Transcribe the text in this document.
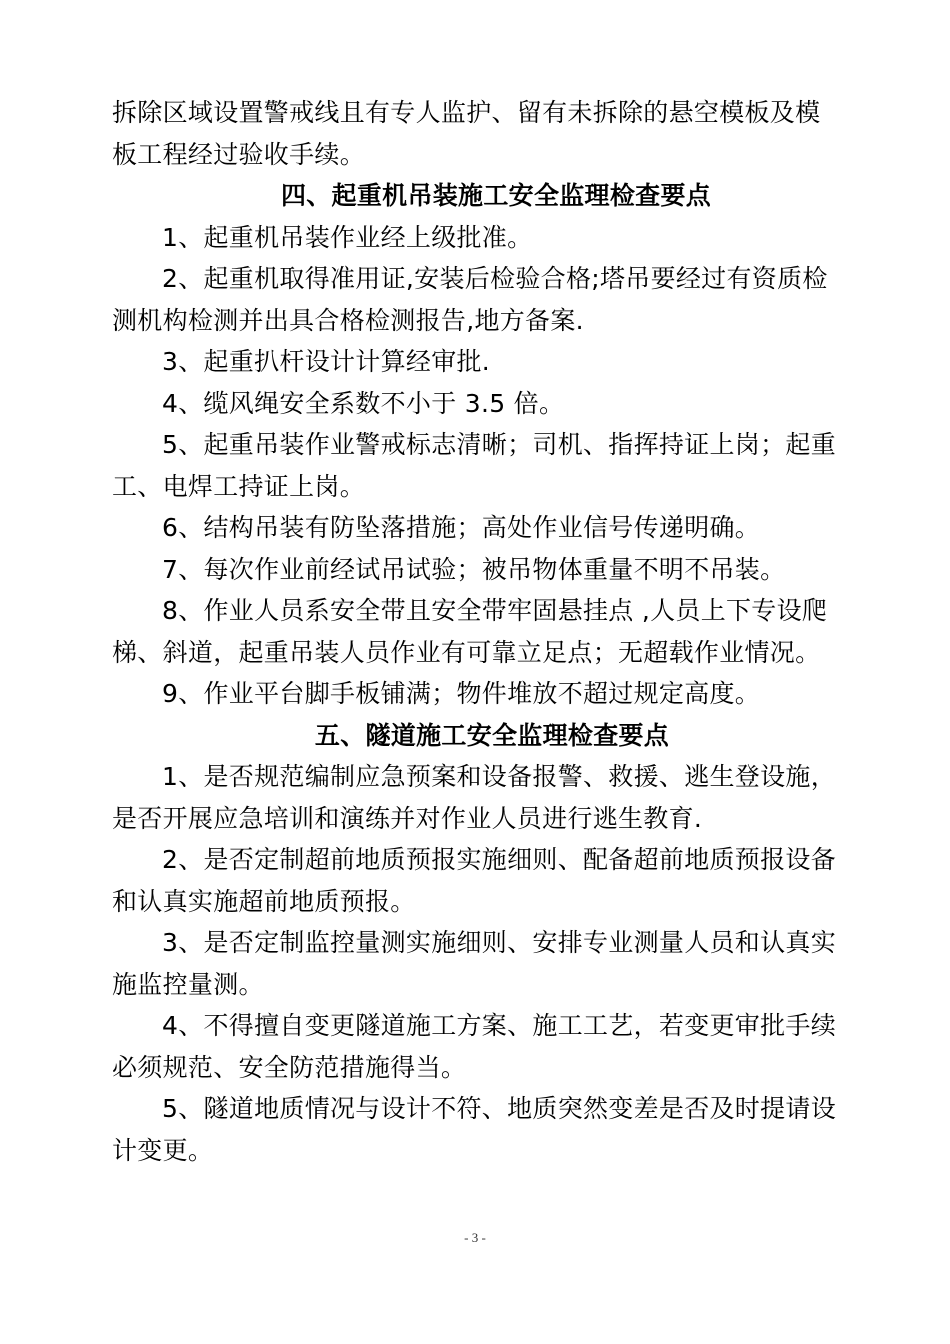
拆除区域设置警戒线且有专人监护、留有未拆除的悬空模板及模
板工程经过验收手续。
四、起重机吊装施工安全监理检查要点
1、起重机吊装作业经上级批准。
2、起重机取得准用证,安装后检验合格;塔吊要经过有资质检
测机构检测并出具合格检测报告,地方备案.
3、起重扒杆设计计算经审批.
4、缆风绳安全系数不小于 3.5 倍。
5、起重吊装作业警戒标志清晰；司机、指挥持证上岗；起重
工、电焊工持证上岗。
6、结构吊装有防坠落措施；高处作业信号传递明确。
7、每次作业前经试吊试验；被吊物体重量不明不吊装。
8、作业人员系安全带且安全带牢固悬挂点 ,人员上下专设爬
梯、斜道，起重吊装人员作业有可靠立足点；无超载作业情况。
9、作业平台脚手板铺满；物件堆放不超过规定高度。
五、隧道施工安全监理检查要点
1、是否规范编制应急预案和设备报警、救援、逃生登设施，
是否开展应急培训和演练并对作业人员进行逃生教育.
2、是否定制超前地质预报实施细则、配备超前地质预报设备
和认真实施超前地质预报。
3、是否定制监控量测实施细则、安排专业测量人员和认真实
施监控量测。
4、不得擅自变更隧道施工方案、施工工艺，若变更审批手续
必须规范、安全防范措施得当。
5、隧道地质情况与设计不符、地质突然变差是否及时提请设
计变更。
- 3 -
